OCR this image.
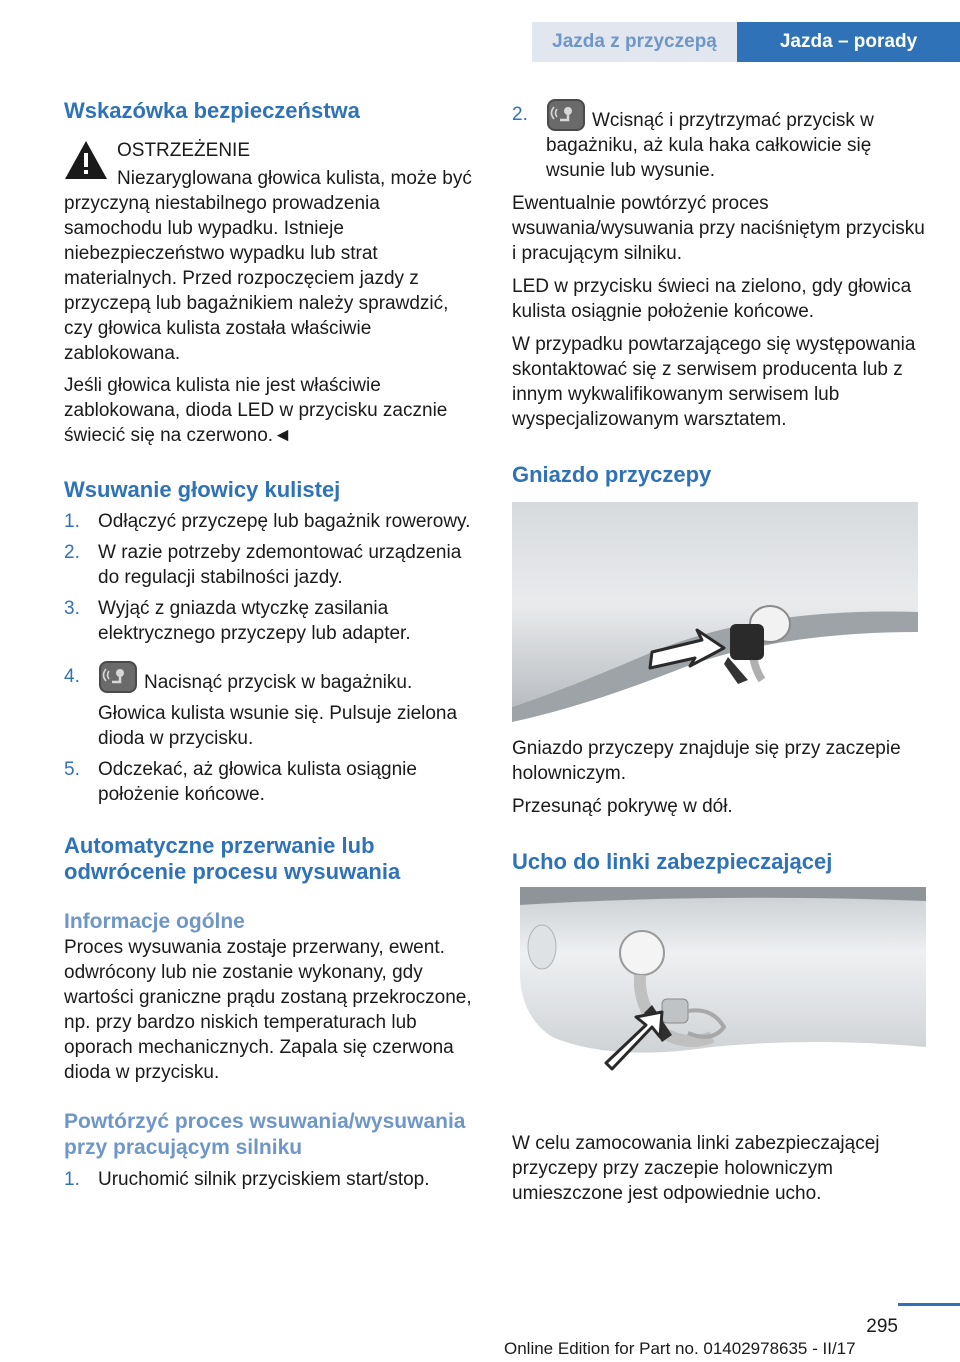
Jazda z przyczepą	Jazda – porady
Wskazówka bezpieczeństwa

OSTRZEŻENIE

Niezaryglowana głowica kulista, może być przyczyną niestabilnego prowadzenia samochodu lub wypadku. Istnieje niebezpieczeństwo wypadku lub strat materialnych. Przed rozpoczęciem jazdy z przyczepą lub bagażnikiem należy sprawdzić, czy głowica kulista została właściwie zablokowana.

Jeśli głowica kulista nie jest właściwie zablokowana, dioda LED w przycisku zacznie świecić się na czerwono.◄

Wsuwanie głowicy kulistej
1. Odłączyć przyczepę lub bagażnik rowerowy.
2. W razie potrzeby zdemontować urządzenia do regulacji stabilności jazdy.
3. Wyjąć z gniazda wtyczkę zasilania elektrycznego przyczepy lub adapter.
4.	Nacisnąć przycisk w bagażniku.
Głowica kulista wsunie się. Pulsuje zielona dioda w przycisku.
5. Odczekać, aż głowica kulista osiągnie położenie końcowe.
Automatyczne przerwanie lub odwrócenie procesu wysuwania
Informacje ogólne

Proces wysuwania zostaje przerwany, ewent. odwrócony lub nie zostanie wykonany, gdy wartości graniczne prądu zostaną przekroczone, np. przy bardzo niskich temperaturach lub oporach mechanicznych. Zapala się czerwona dioda w przycisku.

Powtórzyć proces wsuwania/wysuwania przy pracującym silniku
1. Uruchomić silnik przyciskiem start/stop.
2.	Wcisnąć i przytrzymać przycisk w bagażniku, aż kula haka całkowicie się wsunie lub wysunie.

Ewentualnie powtórzyć proces wsuwania/wysuwania przy naciśniętym przycisku i pracującym silniku.

LED w przycisku świeci na zielono, gdy głowica kulista osiągnie położenie końcowe.

W przypadku powtarzającego się występowania skontaktować się z serwisem producenta lub z innym wykwalifikowanym serwisem lub wyspecjalizowanym warsztatem.

Gniazdo przyczepy

Gniazdo przyczepy znajduje się przy zaczepie holowniczym.

Przesunąć pokrywę w dół.

Ucho do linki zabezpieczającej

W celu zamocowania linki zabezpieczającej przyczepy przy zaczepie holowniczym umieszczone jest odpowiednie ucho.

295
Online Edition for Part no. 01402978635 - II/17
